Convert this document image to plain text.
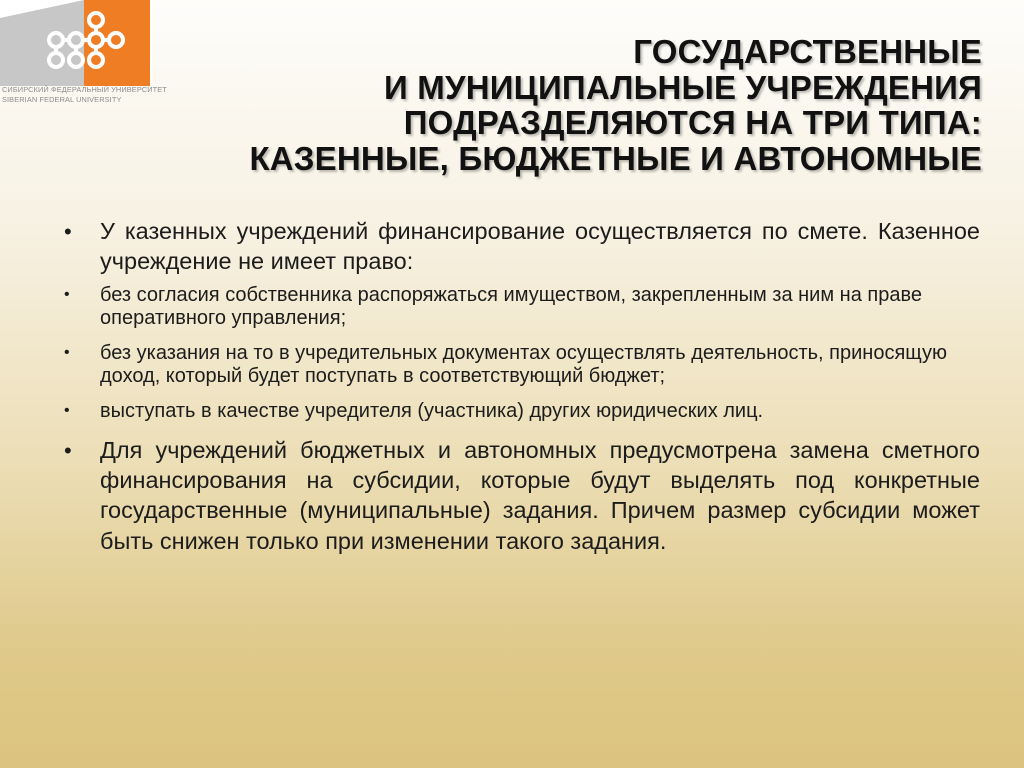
СИБИРСКИЙ ФЕДЕРАЛЬНЫЙ УНИВЕРСИТЕТ
SIBERIAN FEDERAL UNIVERSITY
ГОСУДАРСТВЕННЫЕ
И МУНИЦИПАЛЬНЫЕ УЧРЕЖДЕНИЯ
ПОДРАЗДЕЛЯЮТСЯ НА ТРИ ТИПА:
КАЗЕННЫЕ, БЮДЖЕТНЫЕ И АВТОНОМНЫЕ
• У казенных учреждений финансирование осуществляется по смете. Казенное учреждение не имеет право:
• без согласия собственника распоряжаться имуществом, закрепленным за ним на праве оперативного управления;
• без указания на то в учредительных документах осуществлять деятельность, приносящую доход, который будет поступать в соответствующий бюджет;
• выступать в качестве учредителя (участника) других юридических лиц.
• Для учреждений бюджетных и автономных предусмотрена замена сметного финансирования на субсидии, которые будут выделять под конкретные государственные (муниципальные) задания. Причем размер субсидии может быть снижен только при изменении такого задания.
